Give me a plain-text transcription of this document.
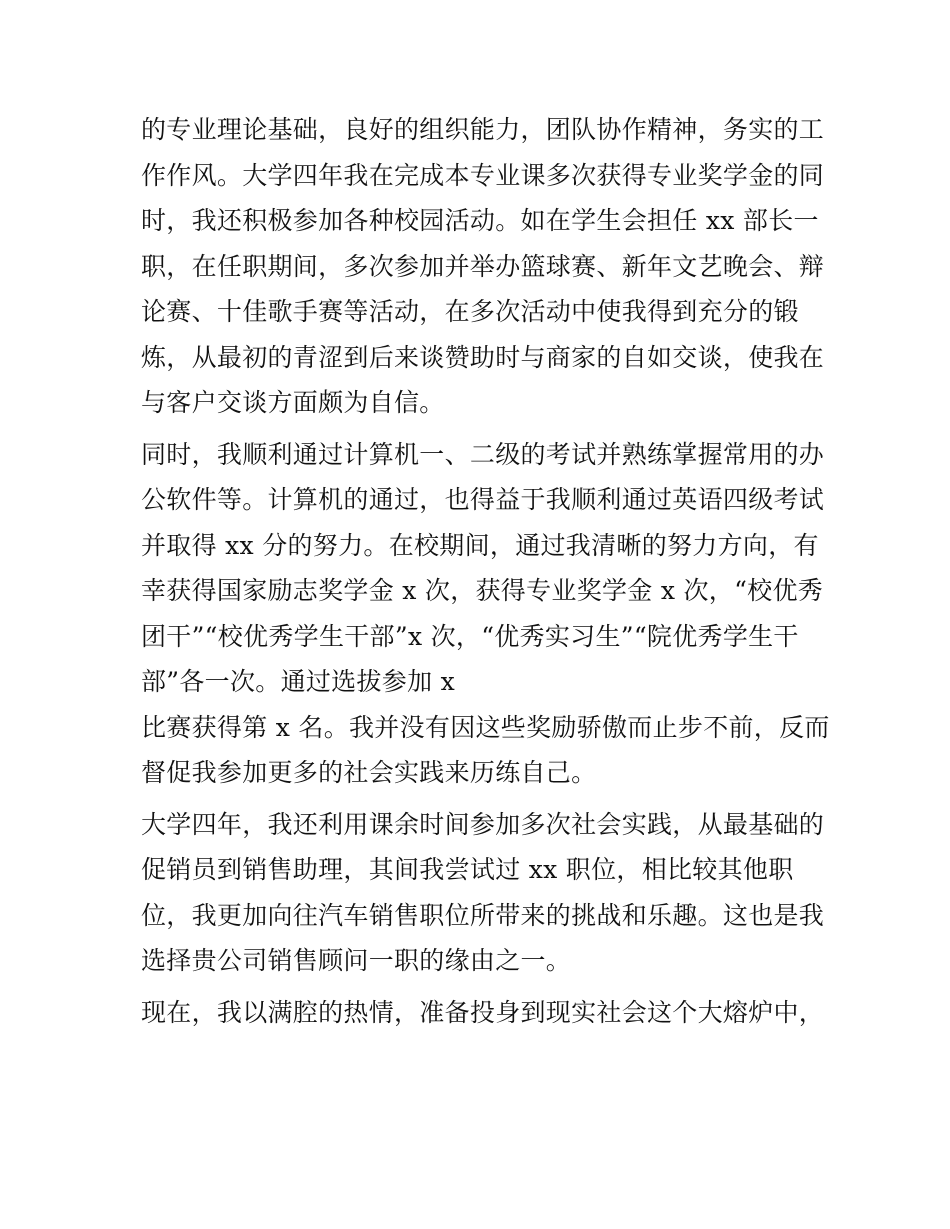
的专业理论基础，良好的组织能力，团队协作精神，务实的工
作作风。大学四年我在完成本专业课多次获得专业奖学金的同
时，我还积极参加各种校园活动。如在学生会担任 xx 部长一
职，在任职期间，多次参加并举办篮球赛、新年文艺晚会、辩
论赛、十佳歌手赛等活动，在多次活动中使我得到充分的锻
炼，从最初的青涩到后来谈赞助时与商家的自如交谈，使我在
与客户交谈方面颇为自信。
同时，我顺利通过计算机一、二级的考试并熟练掌握常用的办
公软件等。计算机的通过，也得益于我顺利通过英语四级考试
并取得 xx 分的努力。在校期间，通过我清晰的努力方向，有
幸获得国家励志奖学金 x 次，获得专业奖学金 x 次，“校优秀
团干”“校优秀学生干部”x 次，“优秀实习生”“院优秀学生干
部”各一次。通过选拔参加 x
比赛获得第 x 名。我并没有因这些奖励骄傲而止步不前，反而
督促我参加更多的社会实践来历练自己。
大学四年，我还利用课余时间参加多次社会实践，从最基础的
促销员到销售助理，其间我尝试过 xx 职位，相比较其他职
位，我更加向往汽车销售职位所带来的挑战和乐趣。这也是我
选择贵公司销售顾问一职的缘由之一。
现在，我以满腔的热情，准备投身到现实社会这个大熔炉中，
